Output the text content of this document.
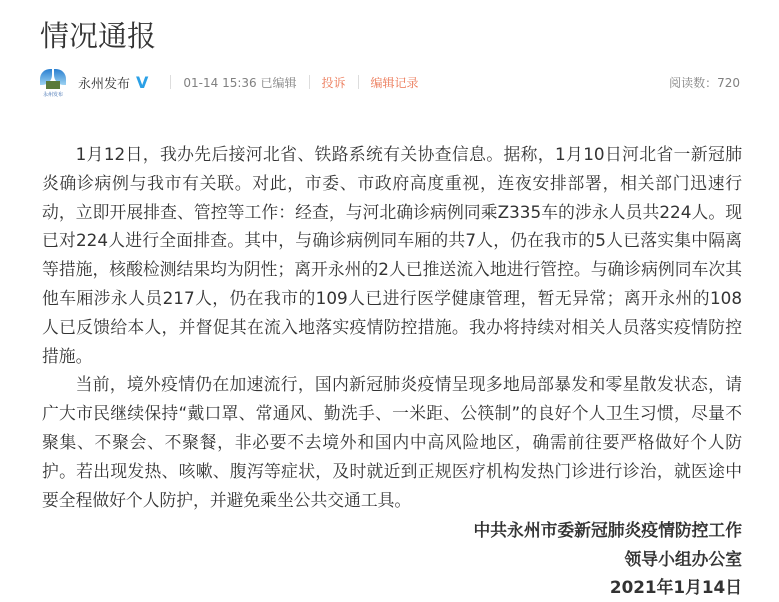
情况通报
永州发布
永州发布 V	01-14 15:36 已编辑 投诉 编辑记录	阅读数：720

1月12日，我办先后接河北省、铁路系统有关协查信息。据称，1月10日河北省一新冠肺炎确诊病例与我市有关联。对此，市委、市政府高度重视，连夜安排部署，相关部门迅速行动，立即开展排查、管控等工作：经查，与河北确诊病例同乘Z335车的涉永人员共224人。现已对224人进行全面排查。其中，与确诊病例同车厢的共7人，仍在我市的5人已落实集中隔离等措施，核酸检测结果均为阴性；离开永州的2人已推送流入地进行管控。与确诊病例同车次其他车厢涉永人员217人，仍在我市的109人已进行医学健康管理，暂无异常；离开永州的108人已反馈给本人，并督促其在流入地落实疫情防控措施。我办将持续对相关人员落实疫情防控措施。

当前，境外疫情仍在加速流行，国内新冠肺炎疫情呈现多地局部暴发和零星散发状态，请广大市民继续保持“戴口罩、常通风、勤洗手、一米距、公筷制”的良好个人卫生习惯，尽量不聚集、不聚会、不聚餐，非必要不去境外和国内中高风险地区，确需前往要严格做好个人防护。若出现发热、咳嗽、腹泻等症状，及时就近到正规医疗机构发热门诊进行诊治，就医途中要全程做好个人防护，并避免乘坐公共交通工具。

中共永州市委新冠肺炎疫情防控工作
领导小组办公室
2021年1月14日
